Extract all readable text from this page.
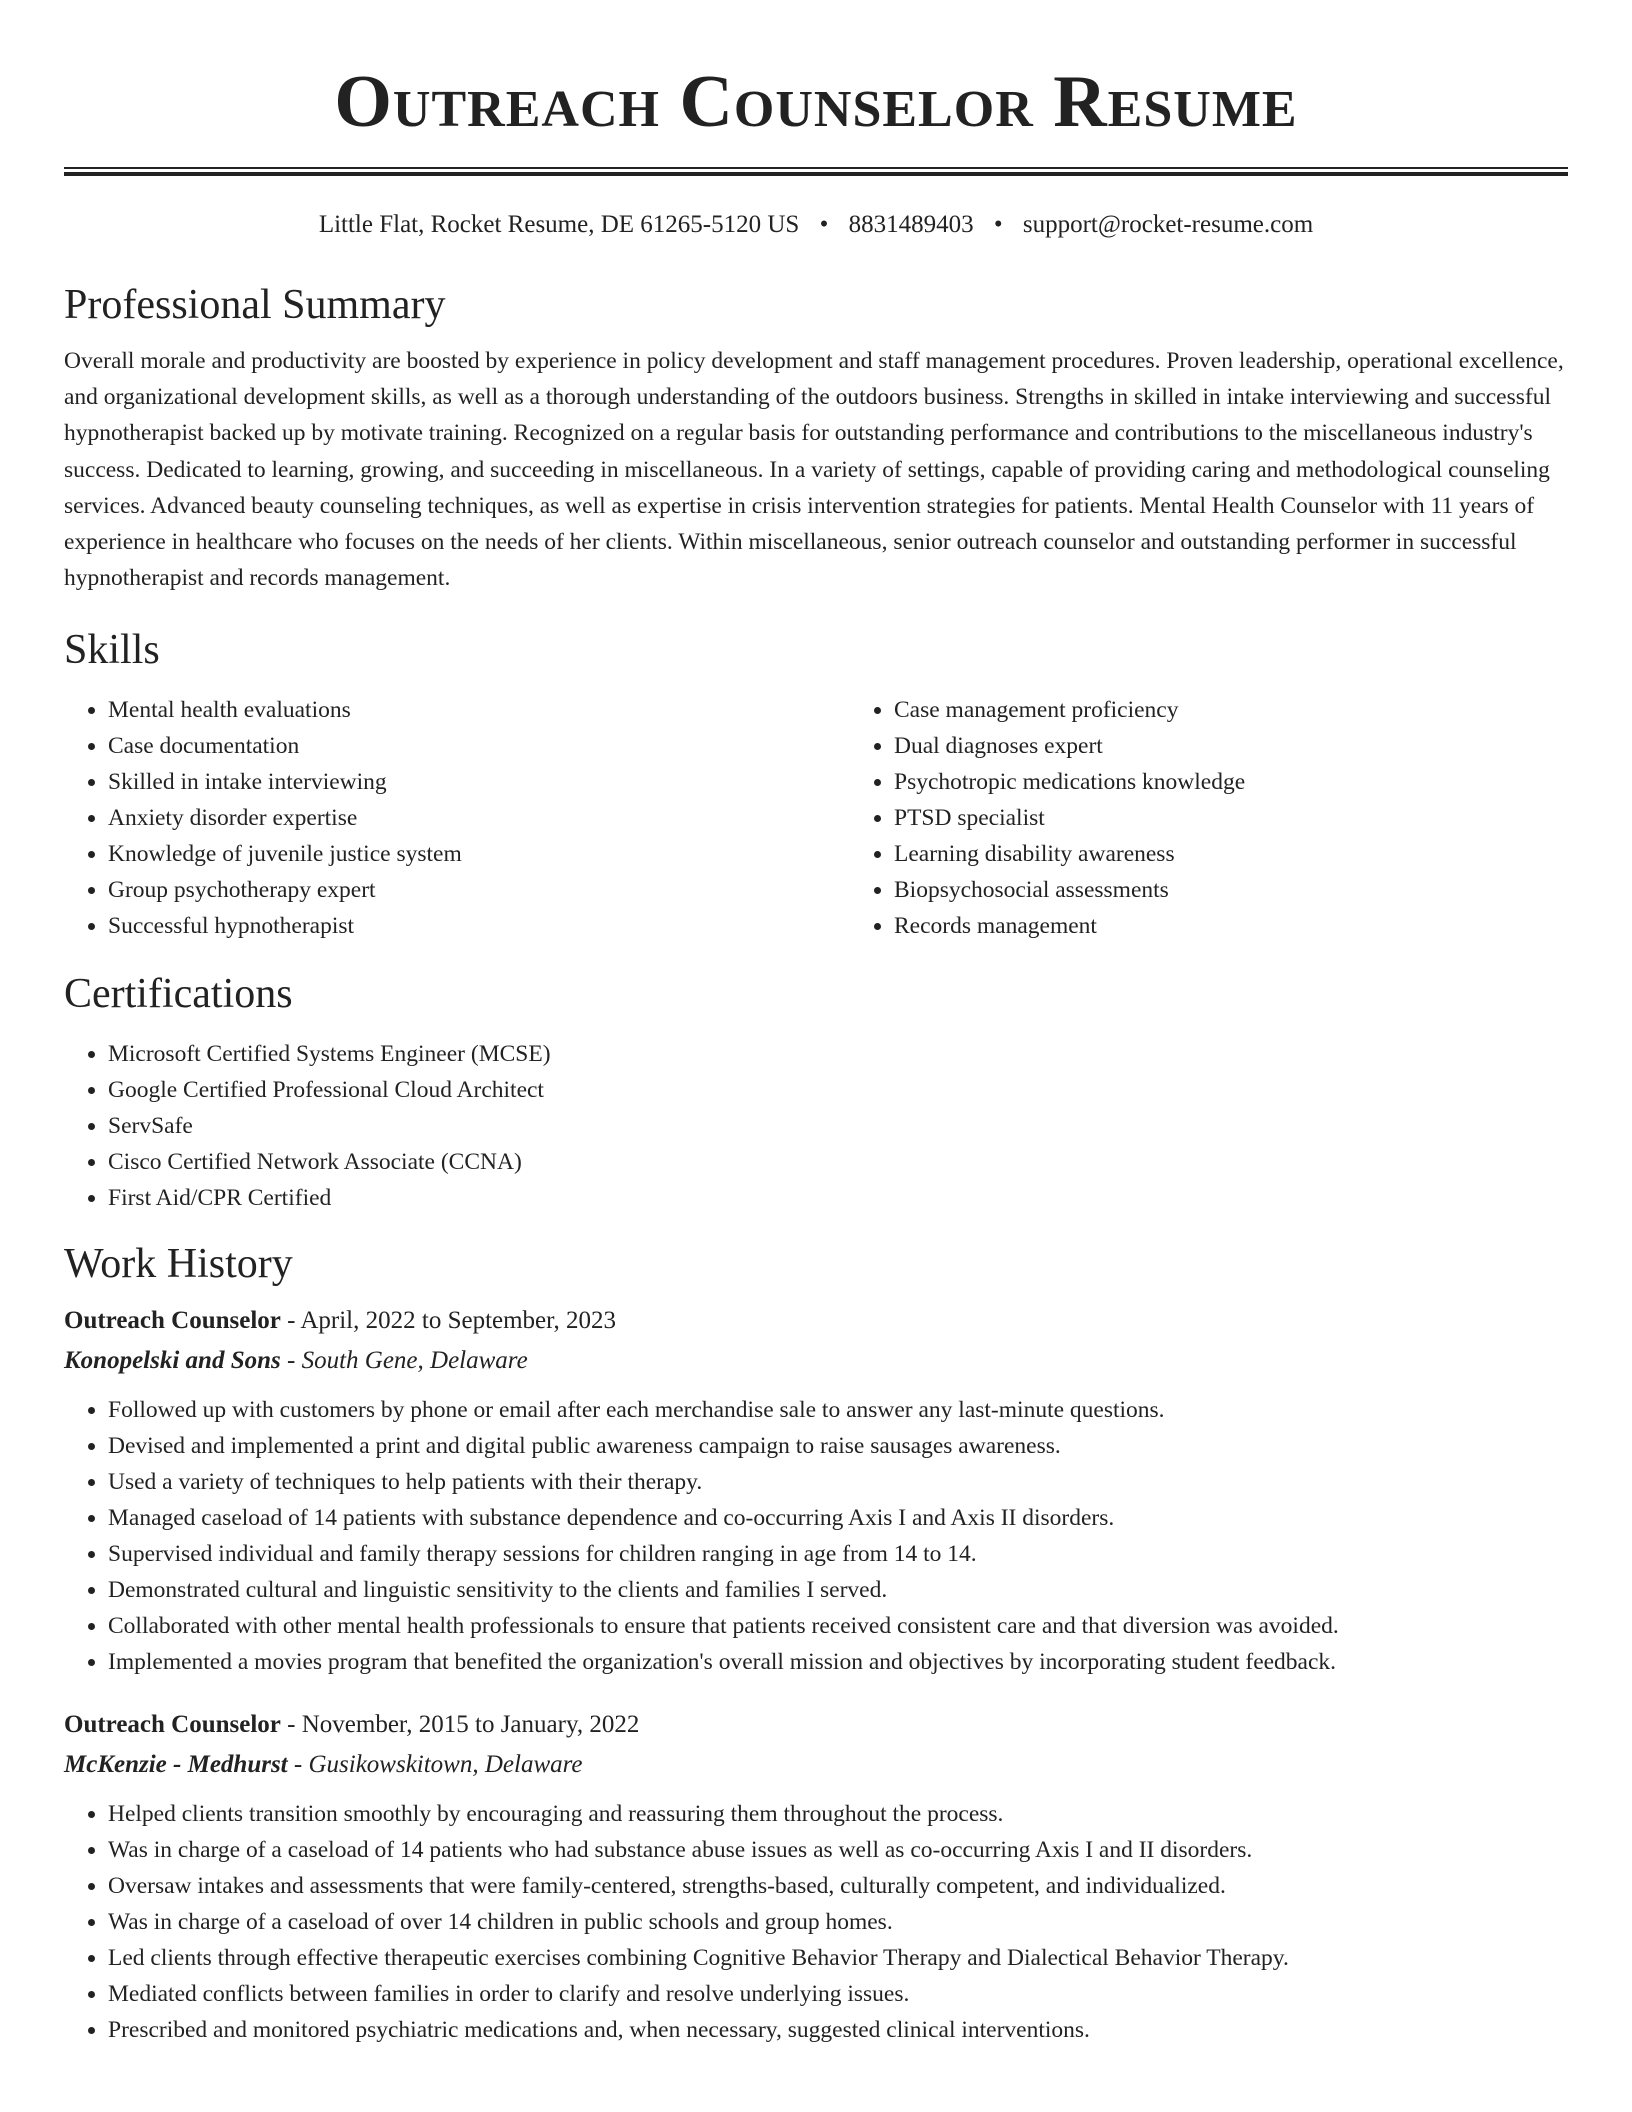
Outreach Counselor Resume
Little Flat, Rocket Resume, DE 61265-5120 US • 8831489403 • support@rocket-resume.com
Professional Summary

Overall morale and productivity are boosted by experience in policy development and staff management procedures. Proven leadership, operational excellence, and organizational development skills, as well as a thorough understanding of the outdoors business. Strengths in skilled in intake interviewing and successful hypnotherapist backed up by motivate training. Recognized on a regular basis for outstanding performance and contributions to the miscellaneous industry's success. Dedicated to learning, growing, and succeeding in miscellaneous. In a variety of settings, capable of providing caring and methodological counseling services. Advanced beauty counseling techniques, as well as expertise in crisis intervention strategies for patients. Mental Health Counselor with 11 years of experience in healthcare who focuses on the needs of her clients. Within miscellaneous, senior outreach counselor and outstanding performer in successful hypnotherapist and records management.

Skills
• Mental health evaluations
• Case documentation
• Skilled in intake interviewing
• Anxiety disorder expertise
• Knowledge of juvenile justice system
• Group psychotherapy expert
• Successful hypnotherapist
• Case management proficiency
• Dual diagnoses expert
• Psychotropic medications knowledge
• PTSD specialist
• Learning disability awareness
• Biopsychosocial assessments
• Records management
Certifications
• Microsoft Certified Systems Engineer (MCSE)
• Google Certified Professional Cloud Architect
• ServSafe
• Cisco Certified Network Associate (CCNA)
• First Aid/CPR Certified
Work History
Outreach Counselor - April, 2022 to September, 2023
Konopelski and Sons - South Gene, Delaware
• Followed up with customers by phone or email after each merchandise sale to answer any last-minute questions.
• Devised and implemented a print and digital public awareness campaign to raise sausages awareness.
• Used a variety of techniques to help patients with their therapy.
• Managed caseload of 14 patients with substance dependence and co-occurring Axis I and Axis II disorders.
• Supervised individual and family therapy sessions for children ranging in age from 14 to 14.
• Demonstrated cultural and linguistic sensitivity to the clients and families I served.
• Collaborated with other mental health professionals to ensure that patients received consistent care and that diversion was avoided.
• Implemented a movies program that benefited the organization's overall mission and objectives by incorporating student feedback.
Outreach Counselor - November, 2015 to January, 2022
McKenzie - Medhurst - Gusikowskitown, Delaware
• Helped clients transition smoothly by encouraging and reassuring them throughout the process.
• Was in charge of a caseload of 14 patients who had substance abuse issues as well as co-occurring Axis I and II disorders.
• Oversaw intakes and assessments that were family-centered, strengths-based, culturally competent, and individualized.
• Was in charge of a caseload of over 14 children in public schools and group homes.
• Led clients through effective therapeutic exercises combining Cognitive Behavior Therapy and Dialectical Behavior Therapy.
• Mediated conflicts between families in order to clarify and resolve underlying issues.
• Prescribed and monitored psychiatric medications and, when necessary, suggested clinical interventions.
